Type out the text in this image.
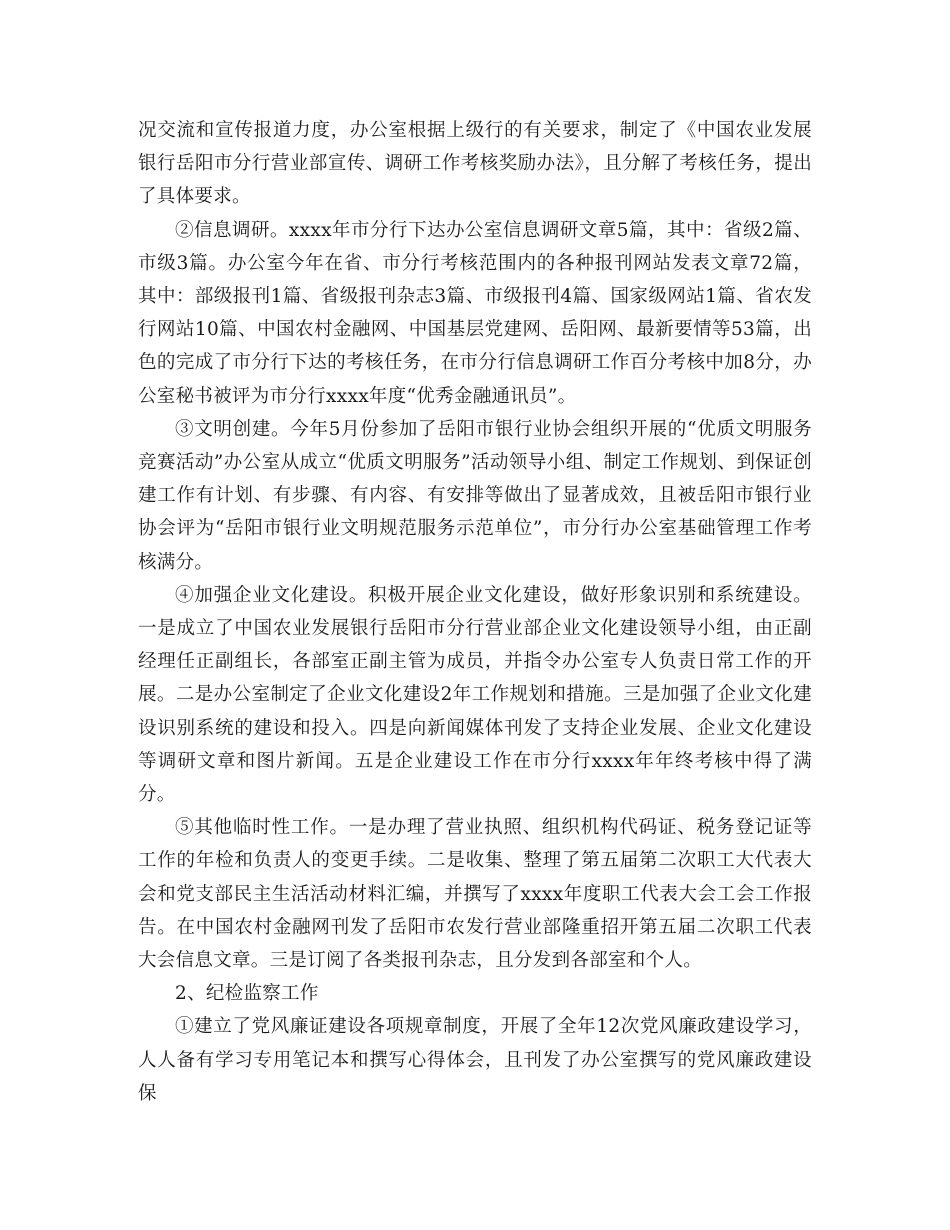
况交流和宣传报道力度，办公室根据上级行的有关要求，制定了《中国农业发展银行岳阳市分行营业部宣传、调研工作考核奖励办法》，且分解了考核任务，提出了具体要求。

②信息调研。xxxx年市分行下达办公室信息调研文章5篇，其中：省级2篇、市级3篇。办公室今年在省、市分行考核范围内的各种报刊网站发表文章72篇，其中：部级报刊1篇、省级报刊杂志3篇、市级报刊4篇、国家级网站1篇、省农发行网站10篇、中国农村金融网、中国基层党建网、岳阳网、最新要情等53篇，出色的完成了市分行下达的考核任务，在市分行信息调研工作百分考核中加8分，办公室秘书被评为市分行xxxx年度“优秀金融通讯员”。

③文明创建。今年5月份参加了岳阳市银行业协会组织开展的“优质文明服务竞赛活动”办公室从成立“优质文明服务”活动领导小组、制定工作规划、到保证创建工作有计划、有步骤、有内容、有安排等做出了显著成效，且被岳阳市银行业协会评为“岳阳市银行业文明规范服务示范单位”，市分行办公室基础管理工作考核满分。

④加强企业文化建设。积极开展企业文化建设，做好形象识别和系统建设。一是成立了中国农业发展银行岳阳市分行营业部企业文化建设领导小组，由正副经理任正副组长，各部室正副主管为成员，并指令办公室专人负责日常工作的开展。二是办公室制定了企业文化建设2年工作规划和措施。三是加强了企业文化建设识别系统的建设和投入。四是向新闻媒体刊发了支持企业发展、企业文化建设等调研文章和图片新闻。五是企业建设工作在市分行xxxx年年终考核中得了满分。

⑤其他临时性工作。一是办理了营业执照、组织机构代码证、税务登记证等工作的年检和负责人的变更手续。二是收集、整理了第五届第二次职工大代表大会和党支部民主生活活动材料汇编，并撰写了xxxx年度职工代表大会工会工作报告。在中国农村金融网刊发了岳阳市农发行营业部隆重招开第五届二次职工代表大会信息文章。三是订阅了各类报刊杂志，且分发到各部室和个人。

2、纪检监察工作

①建立了党风廉证建设各项规章制度，开展了全年12次党风廉政建设学习，人人备有学习专用笔记本和撰写心得体会，且刊发了办公室撰写的党风廉政建设保
